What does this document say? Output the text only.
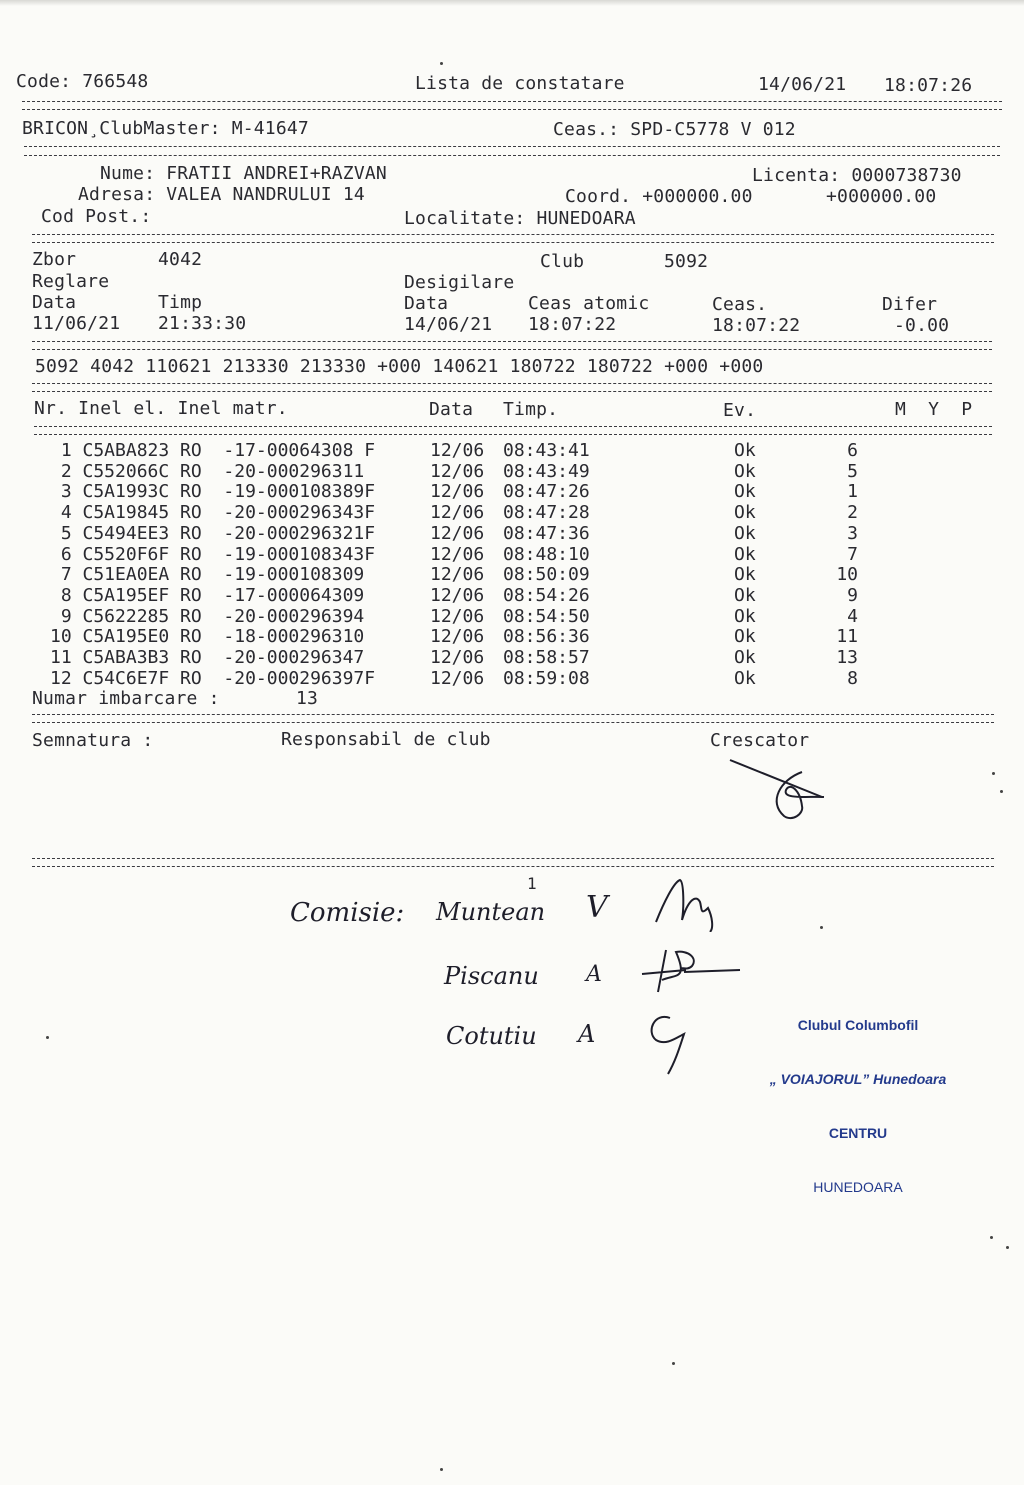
Code: 766548	Lista de constatare	14/06/21 18:07:26
BRICON¸ClubMaster: M-41647	Ceas.: SPD-C5778 V 012
Nume: FRATII ANDREI+RAZVAN	Licenta: 0000738730
Adresa: VALEA NANDRULUI 14	Coord. +000000.00	+000000.00
Cod Post.:	Localitate: HUNEDOARA
Zbor	4042	Club	5092
Reglare	Desigilare
Data	Timp	Data	Ceas atomic	Ceas.	Difer
11/06/21 21:33:30	14/06/21 18:07:22	18:07:22	-0.00
5092 4042 110621 213330 213330 +000 140621 180722 180722 +000 +000
Nr. Inel el. Inel matr.	Data Timp.	Ev.	M  Y  P
1 C5ABA823 RO  -17-00064308 F	12/06 08:43:41	Ok	6
2 C552066C RO  -20-000296311	12/06 08:43:49	Ok	5
3 C5A1993C RO  -19-000108389F	12/06 08:47:26	Ok	1
4 C5A19845 RO  -20-000296343F	12/06 08:47:28	Ok	2
5 C5494EE3 RO  -20-000296321F	12/06 08:47:36	Ok	3
6 C5520F6F RO  -19-000108343F	12/06 08:48:10	Ok	7
7 C51EA0EA RO  -19-000108309	12/06 08:50:09	Ok	10
8 C5A195EF RO  -17-000064309	12/06 08:54:26	Ok	9
9 C5622285 RO  -20-000296394	12/06 08:54:50	Ok	4
10 C5A195E0 RO  -18-000296310	12/06 08:56:36	Ok	11
11 C5ABA3B3 RO  -20-000296347	12/06 08:58:57	Ok	13
12 C54C6E7F RO  -20-000296397F	12/06 08:59:08	Ok	8
Numar imbarcare :	13
Semnatura :	Responsabil de club	Crescator
1
Comisie: Muntean V
Piscanu A
Cotutiu A

	Clubul Columbofil

„ VOIAJORUL” Hunedoara

CENTRU

HUNEDOARA
